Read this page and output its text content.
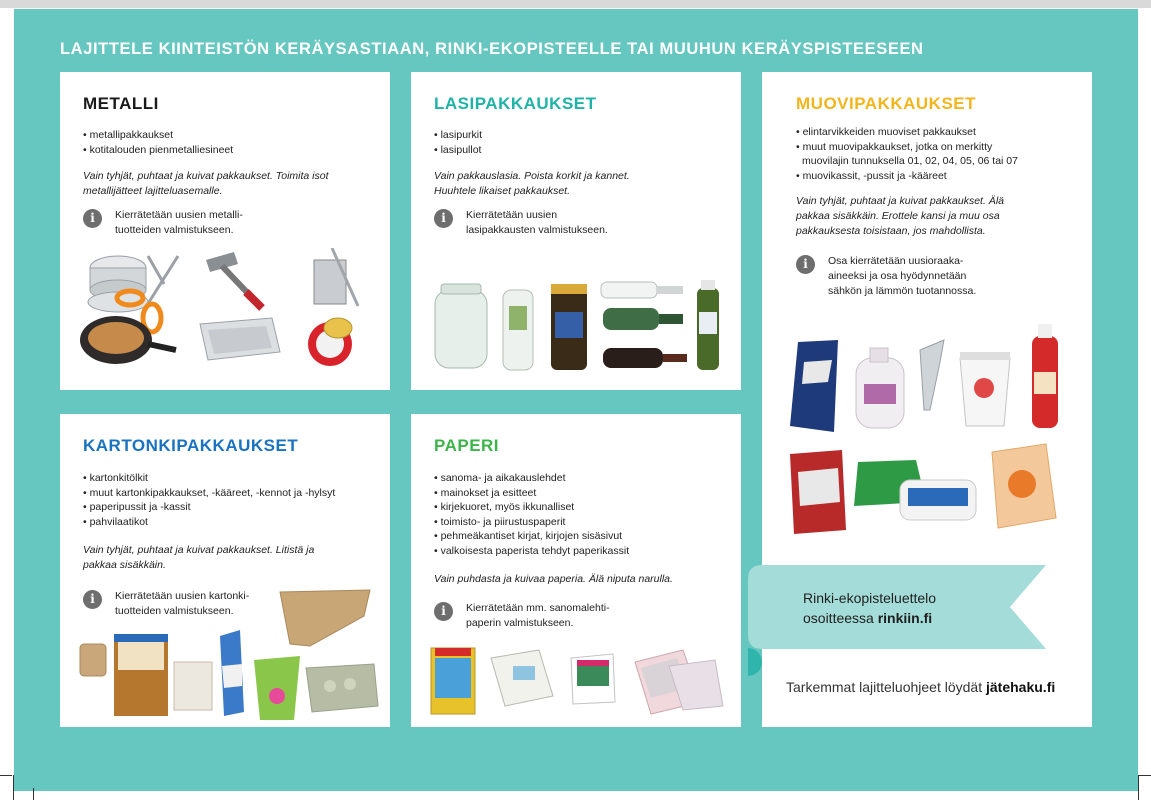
LAJITTELE KIINTEISTÖN KERÄYSASTIAAN, RINKI-EKOPISTEELLE TAI MUUHUN KERÄYSPISTEESEEN
METALLI
• metallipakkaukset
• kotitalouden pienmetalliesineet
Vain tyhjät, puhtaat ja kuivat pakkaukset. Toimita isot
metallijätteet lajitteluasemalle.
i	Kierrätetään uusien metalli-
tuotteiden valmistukseen.
LASIPAKKAUKSET
• lasipurkit
• lasipullot
Vain pakkauslasia. Poista korkit ja kannet.
Huuhtele likaiset pakkaukset.
i	Kierrätetään uusien
lasipakkausten valmistukseen.
MUOVIPAKKAUKSET
• elintarvikkeiden muoviset pakkaukset
• muut muovipakkaukset, jotka on merkitty
muovilajin tunnuksella 01, 02, 04, 05, 06 tai 07
• muovikassit, -pussit ja -kääreet
Vain tyhjät, puhtaat ja kuivat pakkaukset. Älä
pakkaa sisäkkäin. Erottele kansi ja muu osa
pakkauksesta toisistaan, jos mahdollista.
i	Osa kierrätetään uusioraaka-
aineeksi ja osa hyödynnetään
sähkön ja lämmön tuotannossa.
KARTONKIPAKKAUKSET
• kartonkitölkit
• muut kartonkipakkaukset, -kääreet, -kennot ja -hylsyt
• paperipussit ja -kassit
• pahvilaatikot
Vain tyhjät, puhtaat ja kuivat pakkaukset. Litistä ja
pakkaa sisäkkäin.
i	Kierrätetään uusien kartonki-
tuotteiden valmistukseen.
PAPERI
• sanoma- ja aikakauslehdet
• mainokset ja esitteet
• kirjekuoret, myös ikkunalliset
• toimisto- ja piirustuspaperit
• pehmeäkantiset kirjat, kirjojen sisäsivut
• valkoisesta paperista tehdyt paperikassit
Vain puhdasta ja kuivaa paperia. Älä niputa narulla.
i	Kierrätetään mm. sanomalehti-
paperin valmistukseen.
Rinki-ekopisteluettelo
osoitteessa rinkiin.fi
Tarkemmat lajitteluohjeet löydät jätehaku.fi
